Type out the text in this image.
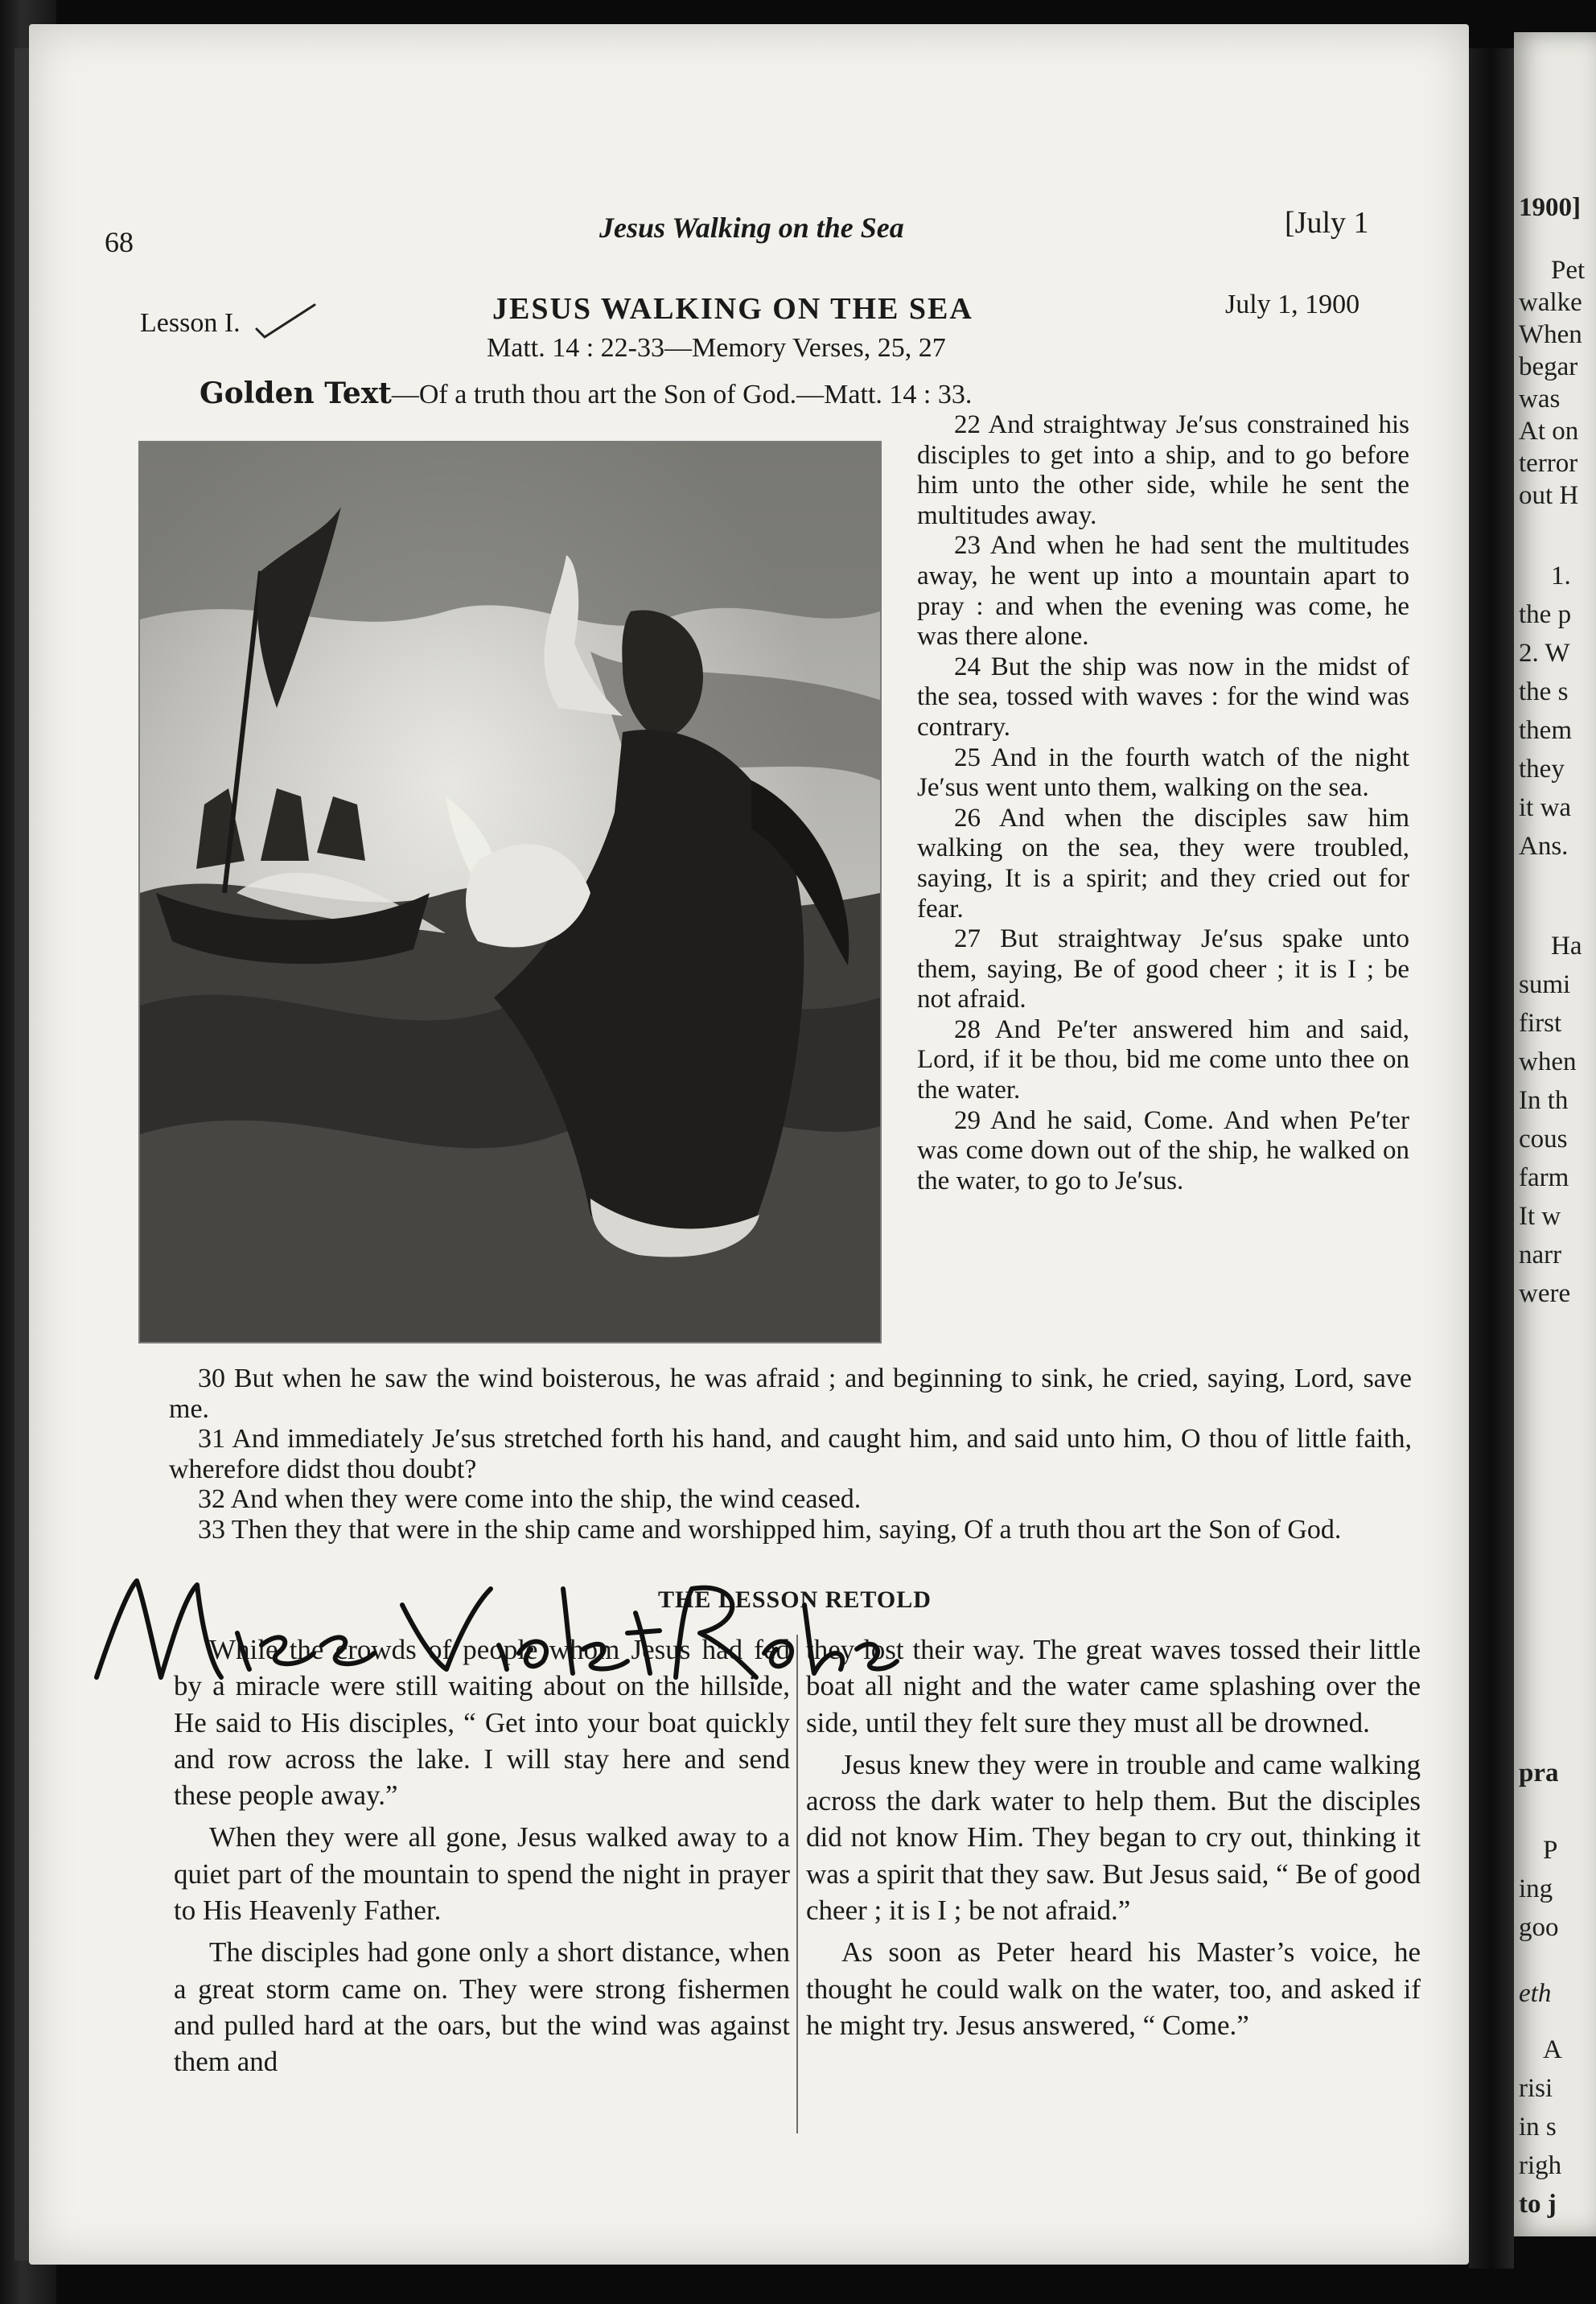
68	Jesus Walking on the Sea	[July 1
Lesson I.	JESUS WALKING ON THE SEA	July 1, 1900
Matt. 14 : 22-33—Memory Verses, 25, 27
Golden Text—Of a truth thou art the Son of God.—Matt. 14 : 33.

22 And straightway Je′sus constrained his disciples to get into a ship, and to go before him unto the other side, while he sent the multitudes away.

23 And when he had sent the multitudes away, he went up into a mountain apart to pray : and when the evening was come, he was there alone.

24 But the ship was now in the midst of the sea, tossed with waves : for the wind was contrary.

25 And in the fourth watch of the night Je′sus went unto them, walking on the sea.

26 And when the disciples saw him walking on the sea, they were troubled, saying, It is a spirit; and they cried out for fear.

27 But straightway Je′sus spake unto them, saying, Be of good cheer ; it is I ; be not afraid.

28 And Pe′ter answered him and said, Lord, if it be thou, bid me come unto thee on the water.

29 And he said, Come. And when Pe′ter was come down out of the ship, he walked on the water, to go to Je′sus.

30 But when he saw the wind boisterous, he was afraid ; and beginning to sink, he cried, saying, Lord, save me.

31 And immediately Je′sus stretched forth his hand, and caught him, and said unto him, O thou of little faith, wherefore didst thou doubt?

32 And when they were come into the ship, the wind ceased.

33 Then they that were in the ship came and worshipped him, saying, Of a truth thou art the Son of God.

THE LESSON RETOLD

While the crowds of people whom Jesus had fed by a miracle were still waiting about on the hillside, He said to His disciples, “ Get into your boat quickly and row across the lake. I will stay here and send these people away.”

When they were all gone, Jesus walked away to a quiet part of the mountain to spend the night in prayer to His Heavenly Father.

The disciples had gone only a short distance, when a great storm came on. They were strong fishermen and pulled hard at the oars, but the wind was against them and

they lost their way. The great waves tossed their little boat all night and the water came splashing over the side, until they felt sure they must all be drowned.

Jesus knew they were in trouble and came walking across the dark water to help them. But the disciples did not know Him. They began to cry out, thinking it was a spirit that they saw. But Jesus said, “ Be of good cheer ; it is I ; be not afraid.”

As soon as Peter heard his Master’s voice, he thought he could walk on the water, too, and asked if he might try. Jesus answered, “ Come.”

1900]
Pet
walke
When
begar
was
At on
terror
out H
1.
the p
2. W
the s
them
they
it wa
Ans.
Ha
sumi
first
when
In th
cous
farm
It w
narr
were
pra
P
ing
goo
eth
A
risi
in s
righ
to j
